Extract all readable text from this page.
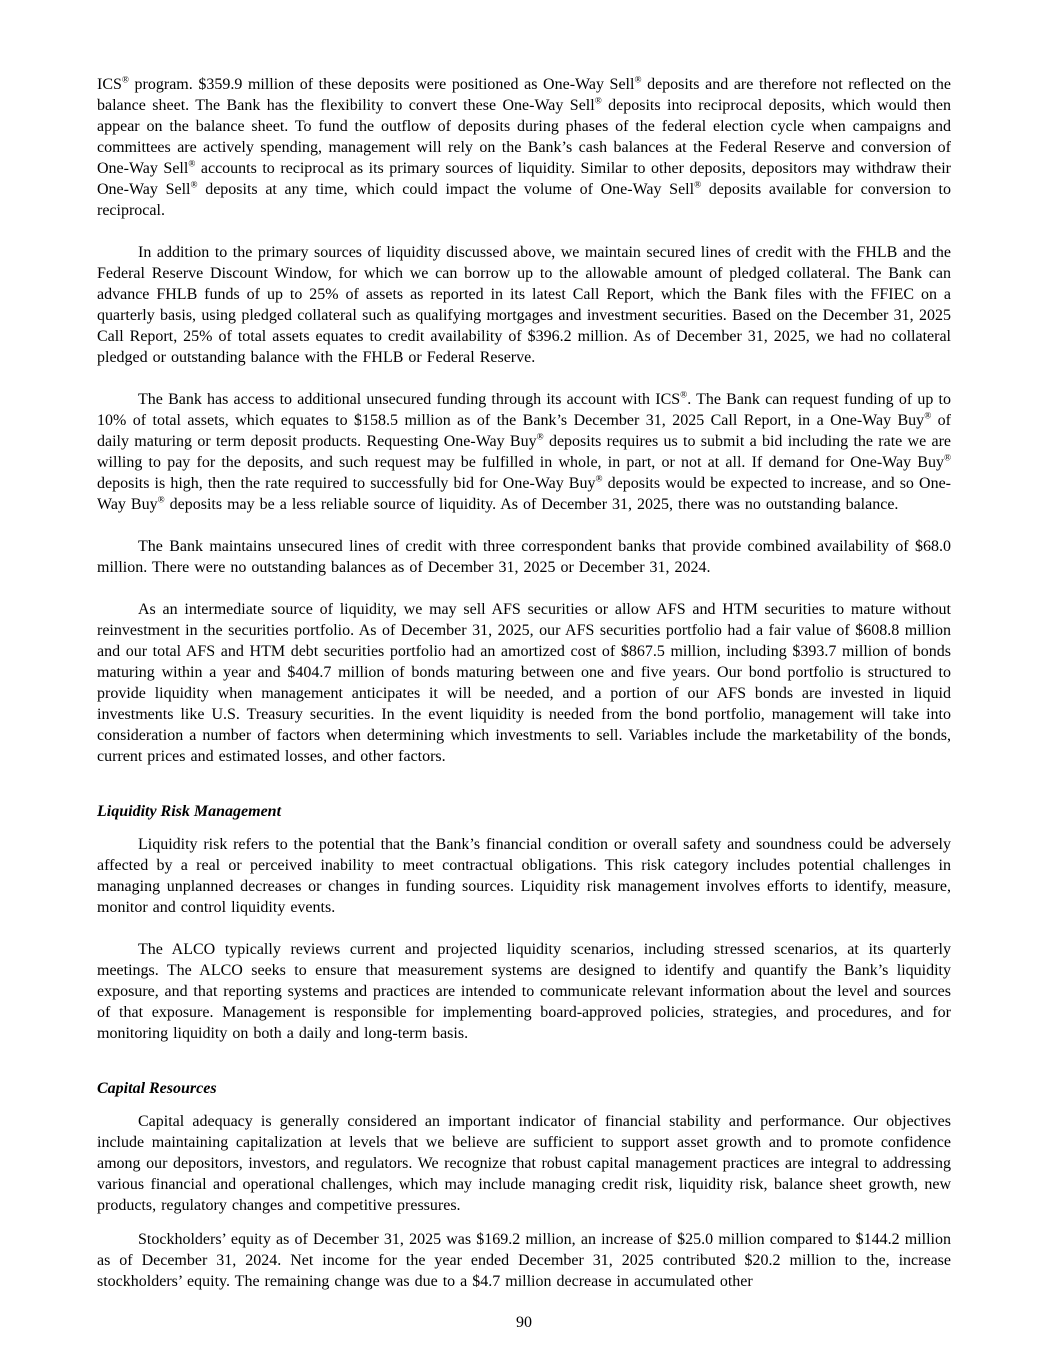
ICS® program. $359.9 million of these deposits were positioned as One-Way Sell® deposits and are therefore not reflected on the balance sheet. The Bank has the flexibility to convert these One-Way Sell® deposits into reciprocal deposits, which would then appear on the balance sheet. To fund the outflow of deposits during phases of the federal election cycle when campaigns and committees are actively spending, management will rely on the Bank’s cash balances at the Federal Reserve and conversion of One-Way Sell® accounts to reciprocal as its primary sources of liquidity. Similar to other deposits, depositors may withdraw their One-Way Sell® deposits at any time, which could impact the volume of One-Way Sell® deposits available for conversion to reciprocal.

In addition to the primary sources of liquidity discussed above, we maintain secured lines of credit with the FHLB and the Federal Reserve Discount Window, for which we can borrow up to the allowable amount of pledged collateral. The Bank can advance FHLB funds of up to 25% of assets as reported in its latest Call Report, which the Bank files with the FFIEC on a quarterly basis, using pledged collateral such as qualifying mortgages and investment securities. Based on the December 31, 2025 Call Report, 25% of total assets equates to credit availability of $396.2 million. As of December 31, 2025, we had no collateral pledged or outstanding balance with the FHLB or Federal Reserve.

The Bank has access to additional unsecured funding through its account with ICS®. The Bank can request funding of up to 10% of total assets, which equates to $158.5 million as of the Bank’s December 31, 2025 Call Report, in a One-Way Buy® of daily maturing or term deposit products. Requesting One-Way Buy® deposits requires us to submit a bid including the rate we are willing to pay for the deposits, and such request may be fulfilled in whole, in part, or not at all. If demand for One-Way Buy® deposits is high, then the rate required to successfully bid for One-Way Buy® deposits would be expected to increase, and so One-Way Buy® deposits may be a less reliable source of liquidity. As of December 31, 2025, there was no outstanding balance.

The Bank maintains unsecured lines of credit with three correspondent banks that provide combined availability of $68.0 million. There were no outstanding balances as of December 31, 2025 or December 31, 2024.

As an intermediate source of liquidity, we may sell AFS securities or allow AFS and HTM securities to mature without reinvestment in the securities portfolio. As of December 31, 2025, our AFS securities portfolio had a fair value of $608.8 million and our total AFS and HTM debt securities portfolio had an amortized cost of $867.5 million, including $393.7 million of bonds maturing within a year and $404.7 million of bonds maturing between one and five years. Our bond portfolio is structured to provide liquidity when management anticipates it will be needed, and a portion of our AFS bonds are invested in liquid investments like U.S. Treasury securities. In the event liquidity is needed from the bond portfolio, management will take into consideration a number of factors when determining which investments to sell. Variables include the marketability of the bonds, current prices and estimated losses, and other factors.

Liquidity Risk Management

Liquidity risk refers to the potential that the Bank’s financial condition or overall safety and soundness could be adversely affected by a real or perceived inability to meet contractual obligations. This risk category includes potential challenges in managing unplanned decreases or changes in funding sources. Liquidity risk management involves efforts to identify, measure, monitor and control liquidity events.

The ALCO typically reviews current and projected liquidity scenarios, including stressed scenarios, at its quarterly meetings. The ALCO seeks to ensure that measurement systems are designed to identify and quantify the Bank’s liquidity exposure, and that reporting systems and practices are intended to communicate relevant information about the level and sources of that exposure. Management is responsible for implementing board-approved policies, strategies, and procedures, and for monitoring liquidity on both a daily and long-term basis.

Capital Resources

Capital adequacy is generally considered an important indicator of financial stability and performance. Our objectives include maintaining capitalization at levels that we believe are sufficient to support asset growth and to promote confidence among our depositors, investors, and regulators. We recognize that robust capital management practices are integral to addressing various financial and operational challenges, which may include managing credit risk, liquidity risk, balance sheet growth, new products, regulatory changes and competitive pressures.

Stockholders’ equity as of December 31, 2025 was $169.2 million, an increase of $25.0 million compared to $144.2 million as of December 31, 2024. Net income for the year ended December 31, 2025 contributed $20.2 million to the, increase stockholders’ equity. The remaining change was due to a $4.7 million decrease in accumulated other

90
